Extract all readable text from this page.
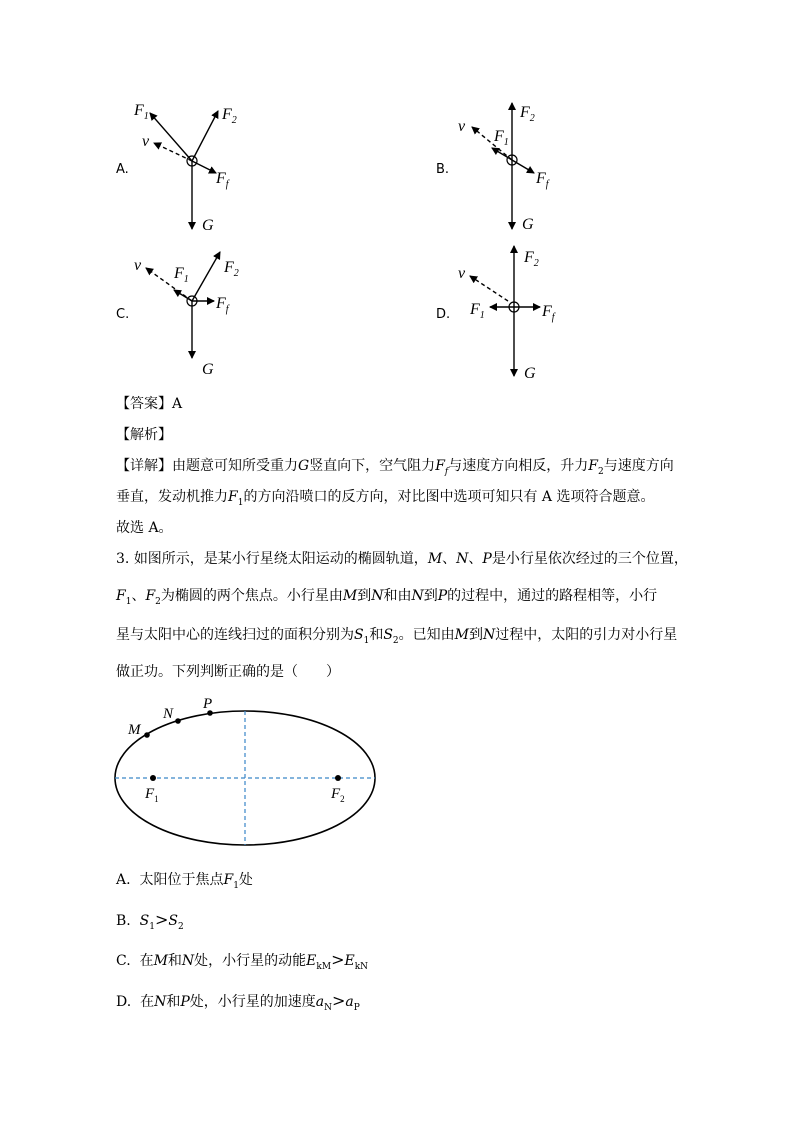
A.
$F_1$	$F_2$
v
$F_f$
G
B.
$F_2$
v
$F_1$
$F_f$
G
C.
$F_2$
v $F_1$
$F_f$
G
D.
$F_2$
v
$F_1$	$F_f$
G
【答案】A
【解析】
【详解】由题意可知所受重力G竖直向下，空气阻力$F_f$与速度方向相反，升力$F_2$与速度方向
垂直，发动机推力$F_1$的方向沿喷口的反方向，对比图中选项可知只有 A 选项符合题意。
故选 A。
3. 如图所示，是某小行星绕太阳运动的椭圆轨道，M、N、P是小行星依次经过的三个位置，
$F_1$、$F_2$为椭圆的两个焦点。小行星由M到N和由N到P的过程中，通过的路程相等，小行
星与太阳中心的连线扫过的面积分别为$S_1$和$S_2$。已知由M到N过程中，太阳的引力对小行星
做正功。下列判断正确的是（　　）
M
N
P
$F_1$	$F_2$
A. 太阳位于焦点$F_1$处
B. $S_1>S_2$
C. 在M和N处，小行星的动能$E_{kM}>E_{kN}$
D. 在N和P处，小行星的加速度$a_N>a_P$
